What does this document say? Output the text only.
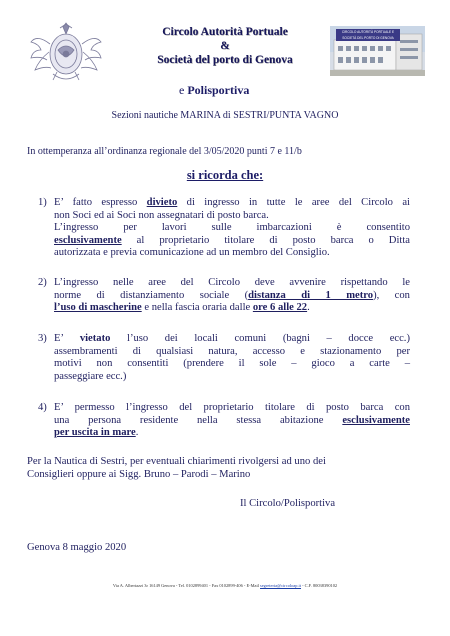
Circolo Autorità Portuale
&
Società del porto di Genova
CIRCOLO AUTORITÀ PORTUALE E SOCIETÀ DEL PORTO DI GENOVA
e Polisportiva
Sezioni nautiche MARINA di SESTRI/PUNTA VAGNO
In ottemperanza all’ordinanza regionale del 3/05/2020 punti 7 e 11/b
si ricorda che:
1) E’ fatto espresso divieto di ingresso in tutte le aree del Circolo ai
non Soci ed ai Soci non assegnatari di posto barca.
L’ingresso per lavori sulle imbarcazioni è consentito
esclusivamente al proprietario titolare di posto barca o Ditta
autorizzata e previa comunicazione ad un membro del Consiglio.
2) L’ingresso nelle aree del Circolo deve avvenire rispettando le
norme di distanziamento sociale (distanza di 1 metro), con
l’uso di mascherine e nella fascia oraria dalle ore 6 alle 22.
3) E’ vietato l’uso dei locali comuni (bagni – docce ecc.)
assembramenti di qualsiasi natura, accesso e stazionamento per
motivi non consentiti (prendere il sole – gioco a carte –
passeggiare ecc.)
4) E’ permesso l’ingresso del proprietario titolare di posto barca con
una persona residente nella stessa abitazione esclusivamente
per uscita in mare.
Per la Nautica di Sestri, per eventuali chiarimenti rivolgersi ad uno dei
Consiglieri oppure ai Sigg. Bruno – Parodi – Marino
Il Circolo/Polisportiva
Genova 8 maggio 2020
Via A. Albertazzi 3r 16149 Genova - Tel. 0102899401 - Fax 0102899-406 - E-Mail segreteria@circoloap.it - C.F. 80038390102
